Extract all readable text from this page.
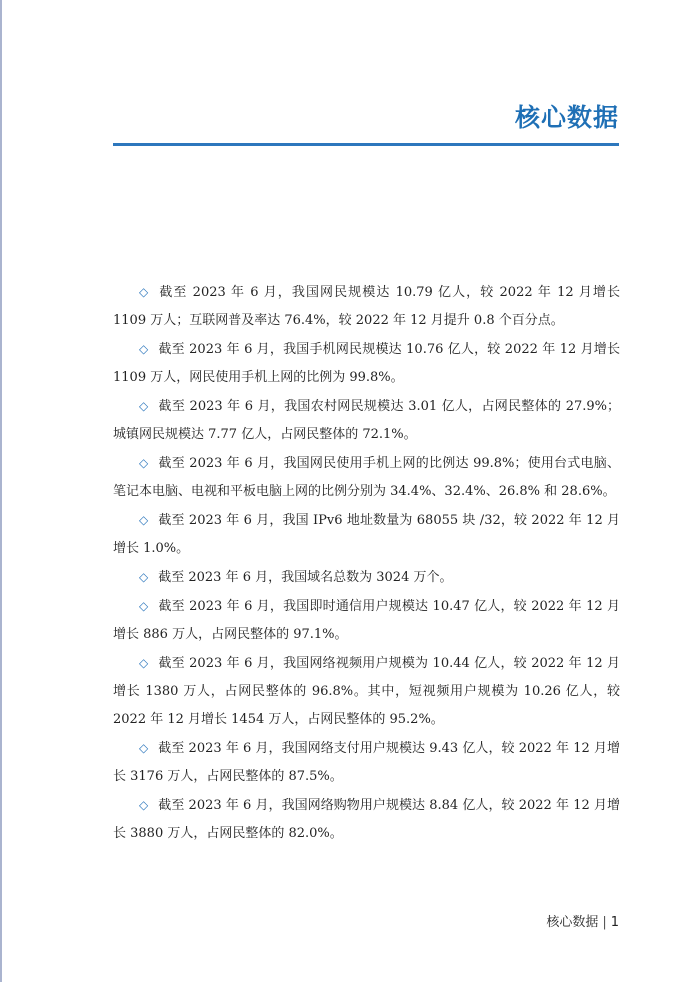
核心数据

◇ 截至 2023 年 6 月，我国网民规模达 10.79 亿人，较 2022 年 12 月增长 1109 万人；互联网普及率达 76.4%，较 2022 年 12 月提升 0.8 个百分点。

◇ 截至 2023 年 6 月，我国手机网民规模达 10.76 亿人，较 2022 年 12 月增长 1109 万人，网民使用手机上网的比例为 99.8%。

◇ 截至 2023 年 6 月，我国农村网民规模达 3.01 亿人，占网民整体的 27.9%；城镇网民规模达 7.77 亿人，占网民整体的 72.1%。

◇ 截至 2023 年 6 月，我国网民使用手机上网的比例达 99.8%；使用台式电脑、笔记本电脑、电视和平板电脑上网的比例分别为 34.4%、32.4%、26.8% 和 28.6%。

◇ 截至 2023 年 6 月，我国 IPv6 地址数量为 68055 块 /32，较 2022 年 12 月增长 1.0%。

◇ 截至 2023 年 6 月，我国域名总数为 3024 万个。

◇ 截至 2023 年 6 月，我国即时通信用户规模达 10.47 亿人，较 2022 年 12 月增长 886 万人，占网民整体的 97.1%。

◇ 截至 2023 年 6 月，我国网络视频用户规模为 10.44 亿人，较 2022 年 12 月增长 1380 万人，占网民整体的 96.8%。其中，短视频用户规模为 10.26 亿人，较 2022 年 12 月增长 1454 万人，占网民整体的 95.2%。

◇ 截至 2023 年 6 月，我国网络支付用户规模达 9.43 亿人，较 2022 年 12 月增长 3176 万人，占网民整体的 87.5%。

◇ 截至 2023 年 6 月，我国网络购物用户规模达 8.84 亿人，较 2022 年 12 月增长 3880 万人，占网民整体的 82.0%。

核心数据 | 1
